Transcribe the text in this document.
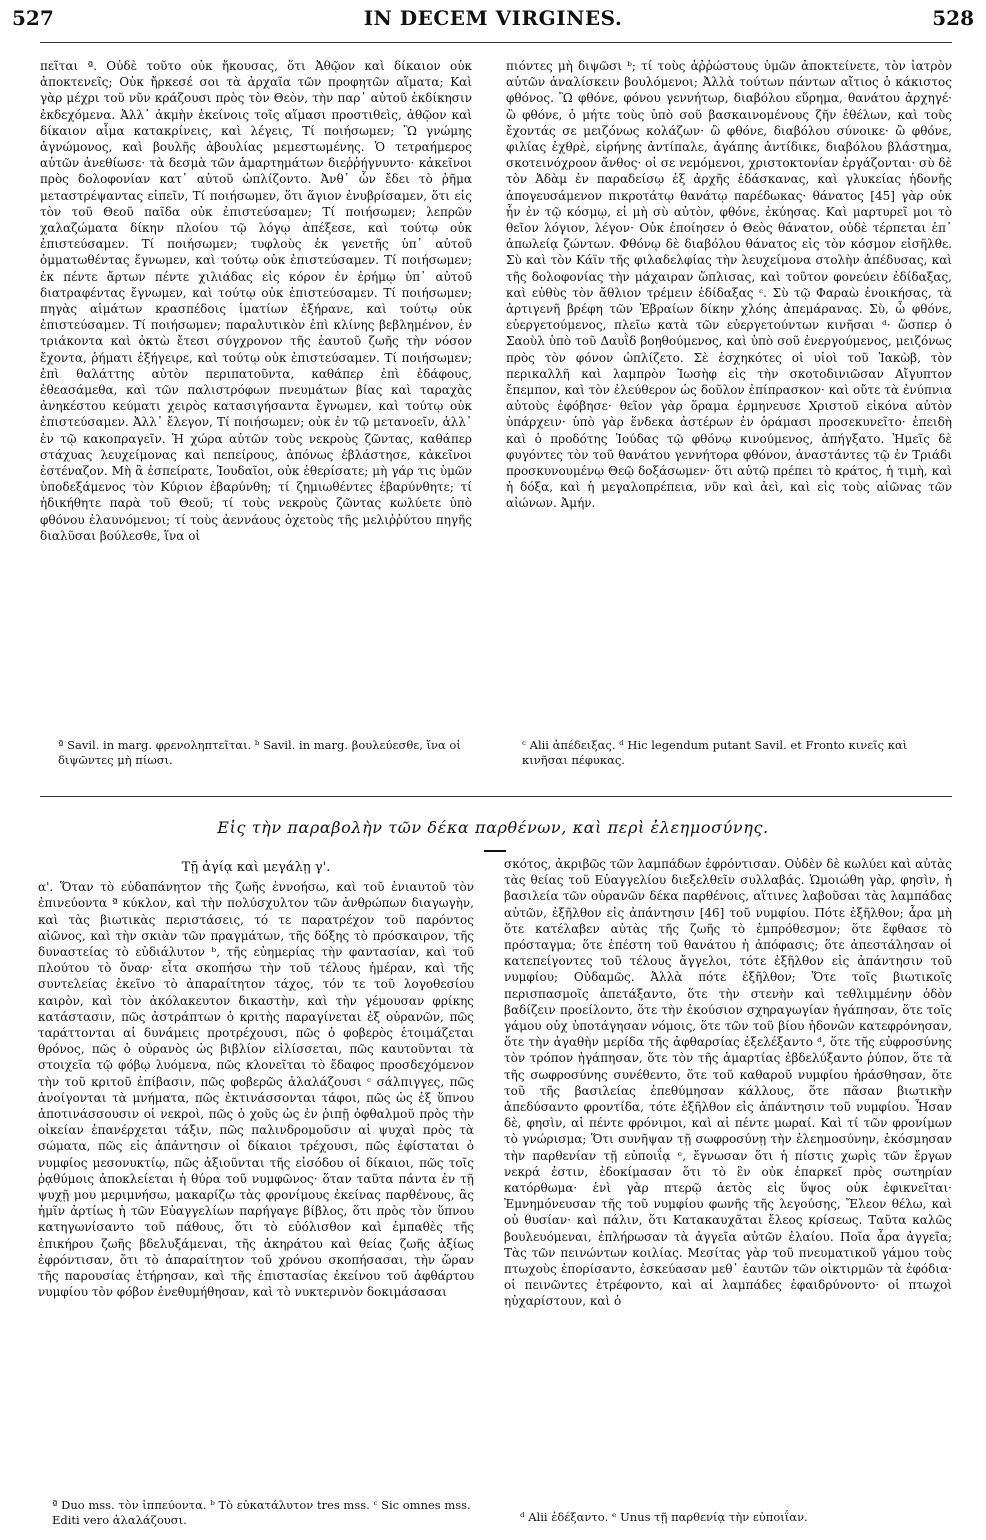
527	IN DECEM VIRGINES.	528

πεῖται ª. Οὐδὲ τοῦτο οὐκ ἤκουσας, ὅτι Ἀθῷον καὶ δίκαιον οὐκ ἀποκτενεῖς; Οὐκ ἤρκεσέ σοι τὰ ἀρχαῖα τῶν προφητῶν αἵματα; Καὶ γὰρ μέχρι τοῦ νῦν κράζουσι πρὸς τὸν Θεὸν, τὴν παρ᾽ αὐτοῦ ἐκδίκησιν ἐκδεχόμενα. Ἀλλ᾽ ἀκμὴν ἐκείνοις τοῖς αἵμασι προστιθεὶς, ἀθῷον καὶ δίκαιον αἷμα κατακρίνεις, καὶ λέγεις, Τί ποιήσωμεν; Ὢ γνώμης ἀγνώμονος, καὶ βουλῆς ἀβουλίας μεμεστωμένης. Ὁ τετραήμερος αὐτῶν ἀνεθίωσε· τὰ δεσμὰ τῶν ἁμαρτημάτων διεῤῥήγνυντο· κἀκεῖνοι πρὸς δολοφονίαν κατ᾽ αὐτοῦ ὡπλίζοντο. Ἀνθ᾽ ὧν ἔδει τὸ ῥῆμα μεταστρέψαντας εἰπεῖν, Τί ποιήσωμεν, ὅτι ἅγιον ἐνυβρίσαμεν, ὅτι εἰς τὸν τοῦ Θεοῦ παῖδα οὐκ ἐπιστεύσαμεν; Τί ποιήσωμεν; λεπρῶν χαλαζώματα δίκην πλοίου τῷ λόγῳ ἀπέξεσε, καὶ τούτῳ οὐκ ἐπιστεύσαμεν. Τί ποιήσωμεν; τυφλοὺς ἐκ γενετῆς ὑπ᾽ αὐτοῦ ὀμματωθέντας ἔγνωμεν, καὶ τούτῳ οὐκ ἐπιστεύσαμεν. Τί ποιήσωμεν; ἐκ πέντε ἄρτων πέντε χιλιάδας εἰς κόρον ἐν ἐρήμῳ ὑπ᾽ αὐτοῦ διατραφέντας ἔγνωμεν, καὶ τούτῳ οὐκ ἐπιστεύσαμεν. Τί ποιήσωμεν; πηγὰς αἱμάτων κρασπέδοις ἱματίων ἐξήρανε, καὶ τούτῳ οὐκ ἐπιστεύσαμεν. Τί ποιήσωμεν; παραλυτικὸν ἐπὶ κλίνης βεβλημένον, ἐν τριάκοντα καὶ ὀκτὼ ἔτεσι σύγχρονον τῆς ἑαυτοῦ ζωῆς τὴν νόσον ἔχοντα, ῥήματι ἐξήγειρε, καὶ τούτῳ οὐκ ἐπιστεύσαμεν. Τί ποιήσωμεν; ἐπὶ θαλάττης αὐτὸν περιπατοῦντα, καθάπερ ἐπὶ ἐδάφους, ἐθεασάμεθα, καὶ τῶν παλιστρόφων πνευμάτων βίας καὶ ταραχὰς ἀνηκέστου κεύματι χειρὸς κατασιγήσαντα ἔγνωμεν, καὶ τούτῳ οὐκ ἐπιστεύσαμεν. Ἀλλ᾽ ἔλεγον, Τί ποιήσωμεν; οὐκ ἐν τῷ μετανοεῖν, ἀλλ᾽ ἐν τῷ κακοπραγεῖν. Ἡ χώρα αὐτῶν τοὺς νεκροὺς ζῶντας, καθάπερ στάχυας λευχείμονας καὶ πεπείρους, ἀπόνως ἐβλάστησε, κἀκεῖνοι ἐστέναζον. Μὴ ἃ ἐσπείρατε, Ἰουδαῖοι, οὐκ ἐθερίσατε; μὴ γάρ τις ὑμῶν ὑποδεξάμενος τὸν Κύριον ἐβαρύνθη; τί ζημιωθέντες ἐβαρύνθητε; τί ἠδικήθητε παρὰ τοῦ Θεοῦ; τί τοὺς νεκροὺς ζῶντας κωλύετε ὑπὸ φθόνου ἐλαυνόμενοι; τί τοὺς ἀεννάους ὀχετοὺς τῆς μελιῤῥύτου πηγῆς διαλῦσαι βούλεσθε, ἵνα οἱ

πιόντες μὴ διψῶσι ᵇ; τί τοὺς ἀῤῥώστους ὑμῶν ἀποκτείνετε, τὸν ἰατρὸν αὐτῶν ἀναλίσκειν βουλόμενοι; Ἀλλὰ τούτων πάντων αἴτιος ὁ κάκιστος φθόνος. Ὢ φθόνε, φόνου γεννήτωρ, διαβόλου εὕρημα, θανάτου ἀρχηγέ· ὢ φθόνε, ὁ μήτε τοὺς ὑπὸ σοῦ βασκαινομένους ζῆν ἐθέλων, καὶ τοὺς ἔχοντάς σε μειζόνως κολάζων· ὢ φθόνε, διαβόλου σύνοικε· ὢ φθόνε, φιλίας ἐχθρὲ, εἰρήνης ἀντίπαλε, ἀγάπης ἀντίδικε, διαβόλου βλάστημα, σκοτεινόχροον ἄνθος· οἱ σε νεμόμενοι, χριστοκτονίαν ἐργάζονται· σὺ δὲ τὸν Ἀδὰμ ἐν παραδείσῳ ἐξ ἀρχῆς ἐδάσκανας, καὶ γλυκείας ἡδονῆς ἀπογευσάμενον πικροτάτῳ θανάτῳ παρέδωκας· θάνατος [45] γὰρ οὐκ ἦν ἐν τῷ κόσμῳ, εἰ μὴ σὺ αὐτὸν, φθόνε, ἐκύησας. Καὶ μαρτυρεῖ μοι τὸ θεῖον λόγιον, λέγον· Οὐκ ἐποίησεν ὁ Θεὸς θάνατον, οὐδὲ τέρπεται ἐπ᾽ ἀπωλείᾳ ζώντων. Φθόνῳ δὲ διαβόλου θάνατος εἰς τὸν κόσμον εἰσῆλθε. Σὺ καὶ τὸν Κάϊν τῆς φιλαδελφίας τὴν λευχείμονα στολὴν ἀπέδυσας, καὶ τῆς δολοφονίας τὴν μάχαιραν ὥπλισας, καὶ τοῦτον φονεύειν ἐδίδαξας, καὶ εὐθὺς τὸν ἄθλιον τρέμειν ἐδίδαξας ᶜ. Σὺ τῷ Φαραὼ ἐνοικήσας, τὰ ἀρτιγενῆ βρέφη τῶν Ἑβραίων δίκην χλόης ἀπεμάρανας. Σὺ, ὦ φθόνε, εὐεργετούμενος, πλεῖω κατὰ τῶν εὐεργετούντων κινῆσαι ᵈ· ὥσπερ ὁ Σαοὺλ ὑπὸ τοῦ Δαυῒδ βοηθούμενος, καὶ ὑπὸ σοῦ ἐνεργούμενος, μειζόνως πρὸς τὸν φόνον ὡπλίζετο. Σὲ ἐσχηκότες οἱ υἱοὶ τοῦ Ἰακὼβ, τὸν περικαλλῆ καὶ λαμπρὸν Ἰωσὴφ εἰς τὴν σκοτοδινιῶσαν Αἴγυπτον ἔπεμπον, καὶ τὸν ἐλεύθερον ὡς δοῦλον ἐπίπρασκον· καὶ οὔτε τὰ ἐνύπνια αὐτοὺς ἐφόβησε· θεῖον γὰρ ὅραμα ἑρμηνευσε Χριστοῦ εἰκόνα αὐτὸν ὑπάρχειν· ὑπὸ γὰρ ἕνδεκα ἀστέρων ἐν ὁράμασι προσεκυνεῖτο· ἐπειδὴ καὶ ὁ προδότης Ἰούδας τῷ φθόνῳ κινούμενος, ἀπήγξατο. Ἡμεῖς δὲ φυγόντες τὸν τοῦ θανάτου γεννήτορα φθόνον, ἀναστάντες τῷ ἐν Τριάδι προσκυνουμένῳ Θεῷ δοξάσωμεν· ὅτι αὐτῷ πρέπει τὸ κράτος, ἡ τιμὴ, καὶ ἡ δόξα, καὶ ἡ μεγαλοπρέπεια, νῦν καὶ ἀεὶ, καὶ εἰς τοὺς αἰῶνας τῶν αἰώνων. Ἀμήν.

ª Savil. in marg. φρενοληπτεῖται. ᵇ Savil. in marg. βουλεύεσθε, ἵνα οἱ διψῶντες μὴ πίωσι.
ᶜ Alii ἀπέδειξας. ᵈ Hic legendum putant Savil. et Fronto κινεῖς καὶ κινῆσαι πέφυκας.
Εἰς τὴν παραβολὴν τῶν δέκα παρθένων, καὶ περὶ ἐλεημοσύνης.
Τῇ ἁγίᾳ καὶ μεγάλῃ γ'.

α'. Ὅταν τὸ εὐδαπάνητον τῆς ζωῆς ἐννοήσω, καὶ τοῦ ἐνιαυτοῦ τὸν ἐπινεύοντα ª κύκλον, καὶ τὴν πολύσχυλτον τῶν ἀνθρώπων διαγωγὴν, καὶ τὰς βιωτικὰς περιστάσεις, τό τε παρατρέχον τοῦ παρόντος αἰῶνος, καὶ τὴν σκιὰν τῶν πραγμάτων, τῆς δόξης τὸ πρόσκαιρον, τῆς δυναστείας τὸ εὐδιάλυτον ᵇ, τῆς εὐημερίας τὴν φαντασίαν, καὶ τοῦ πλούτου τὸ ὄναρ· εἶτα σκοπήσω τὴν τοῦ τέλους ἡμέραν, καὶ τῆς συντελείας ἐκεῖνο τὸ ἀπαραίτητον τάχος, τόν τε τοῦ λογοθεσίου καιρὸν, καὶ τὸν ἀκόλακευτον δικαστὴν, καὶ τὴν γέμουσαν φρίκης κατάστασιν, πῶς ἀστράπτων ὁ κριτὴς παραγίνεται ἐξ οὐρανῶν, πῶς ταράττονται αἱ δυνάμεις προτρέχουσι, πῶς ὁ φοβερὸς ἑτοιμάζεται θρόνος, πῶς ὁ οὐρανὸς ὡς βιβλίον εἱλίσσεται, πῶς καυτοῦνται τὰ στοιχεῖα τῷ φόβῳ λυόμενα, πῶς κλονεῖται τὸ ἔδαφος προσδεχόμενον τὴν τοῦ κριτοῦ ἐπίβασιν, πῶς φοβερῶς ἀλαλάζουσι ᶜ σάλπιγγες, πῶς ἀνοίγονται τὰ μνήματα, πῶς ἐκτινάσσονται τάφοι, πῶς ὡς ἐξ ὕπνου ἀποτινάσσουσιν οἱ νεκροὶ, πῶς ὁ χοῦς ὡς ἐν ῥιπῇ ὀφθαλμοῦ πρὸς τὴν οἰκείαν ἐπανέρχεται τάξιν, πῶς παλινδρομοῦσιν αἱ ψυχαὶ πρὸς τὰ σώματα, πῶς εἰς ἀπάντησιν οἱ δίκαιοι τρέχουσι, πῶς ἐφίσταται ὁ νυμφίος μεσονυκτίῳ, πῶς ἀξιοῦνται τῆς εἰσόδου οἱ δίκαιοι, πῶς τοῖς ῥᾳθύμοις ἀποκλείεται ἡ θύρα τοῦ νυμφῶνος· ὅταν ταῦτα πάντα ἐν τῇ ψυχῇ μου μεριμνήσω, μακαρίζω τὰς φρονίμους ἐκείνας παρθένους, ἃς ἡμῖν ἀρτίως ἡ τῶν Εὐαγγελίων παρήγαγε βίβλος, ὅτι πρὸς τὸν ὕπνου κατηγωνίσαντο τοῦ πάθους, ὅτι τὸ εὐόλισθον καὶ ἐμπαθὲς τῆς ἐπικήρου ζωῆς βδελυξάμεναι, τῆς ἀκηράτου καὶ θείας ζωῆς ἀξίως ἐφρόντισαν, ὅτι τὸ ἀπαραίτητον τοῦ χρόνου σκοπήσασαι, τὴν ὥραν τῆς παρουσίας ἐτήρησαν, καὶ τῆς ἐπιστασίας ἐκείνου τοῦ ἀφθάρτου νυμφίου τὸν φόβον ἐνεθυμήθησαν, καὶ τὸ νυκτερινὸν δοκιμάσασαι

σκότος, ἀκριβῶς τῶν λαμπάδων ἐφρόντισαν. Οὐδὲν δὲ κωλύει καὶ αὐτὰς τὰς θείας τοῦ Εὐαγγελίου διεξελθεῖν συλλαβάς. Ὡμοιώθη γὰρ, φησὶν, ἡ βασιλεία τῶν οὐρανῶν δέκα παρθένοις, αἵτινες λαβοῦσαι τὰς λαμπάδας αὐτῶν, ἐξῆλθον εἰς ἀπάντησιν [46] τοῦ νυμφίου. Πότε ἐξῆλθον; ἆρα μὴ ὅτε κατέλαβεν αὐτὰς τῆς ζωῆς τὸ ἐμπρόθεσμον; ὅτε ἔφθασε τὸ πρόσταγμα; ὅτε ἐπέστη τοῦ θανάτου ἡ ἀπόφασις; ὅτε ἀπεστάλησαν οἱ κατεπείγοντες τοῦ τέλους ἄγγελοι, τότε ἐξῆλθον εἰς ἀπάντησιν τοῦ νυμφίου; Οὐδαμῶς. Ἀλλὰ πότε ἐξῆλθον; Ὅτε τοῖς βιωτικοῖς περισπασμοῖς ἀπετάξαντο, ὅτε τὴν στενὴν καὶ τεθλιμμένην ὁδὸν βαδίζειν προείλοντο, ὅτε τὴν ἐκούσιον σχηραγωγίαν ἠγάπησαν, ὅτε τοῖς γάμου οὐχ ὑποτάγησαν νόμοις, ὅτε τῶν τοῦ βίου ἡδονῶν κατεφρόνησαν, ὅτε τὴν ἀγαθὴν μερίδα τῆς ἀφθαρσίας ἐξελέξαντο ᵈ, ὅτε τῆς εὐφροσύνης τὸν τρόπον ἠγάπησαν, ὅτε τὸν τῆς ἁμαρτίας ἐβδελύξαντο ῥύπον, ὅτε τὰ τῆς σωφροσύνης συνέθεντο, ὅτε τοῦ καθαροῦ νυμφίου ἠράσθησαν, ὅτε τοῦ τῆς βασιλείας ἐπεθύμησαν κάλλους, ὅτε πᾶσαν βιωτικὴν ἀπεδύσαντο φροντίδα, τότε ἐξῆλθον εἰς ἀπάντησιν τοῦ νυμφίου. Ἦσαν δὲ, φησὶν, αἱ πέντε φρόνιμοι, καὶ αἱ πέντε μωραί. Καὶ τί τῶν φρονίμων τὸ γνώρισμα; Ὅτι συνῆψαν τῇ σωφροσύνῃ τὴν ἐλεημοσύνην, ἐκόσμησαν τὴν παρθενίαν τῇ εὐποιΐᾳ ᵉ, ἔγνωσαν ὅτι ἡ πίστις χωρὶς τῶν ἔργων νεκρά ἐστιν, ἐδοκίμασαν ὅτι τὸ ἓν οὐκ ἐπαρκεῖ πρὸς σωτηρίαν κατόρθωμα· ἑνὶ γὰρ πτερῷ ἀετὸς εἰς ὕψος οὐκ ἐφικνεῖται· Ἐμνημόνευσαν τῆς τοῦ νυμφίου φωνῆς τῆς λεγούσης, Ἔλεον θέλω, καὶ οὐ θυσίαν· καὶ πάλιν, ὅτι Κατακαυχᾶται ἔλεος κρίσεως. Ταῦτα καλῶς βουλευόμεναι, ἐπλήρωσαν τὰ ἀγγεῖα αὐτῶν ἐλαίου. Ποῖα ἆρα ἀγγεῖα; Τὰς τῶν πεινώντων κοιλίας. Μεσίτας γὰρ τοῦ πνευματικοῦ γάμου τοὺς πτωχοὺς ἐπορίσαντο, ἐσκεύασαν μεθ᾽ ἑαυτῶν τῶν οἰκτιρμῶν τὰ ἐφόδια· οἱ πεινῶντες ἐτρέφοντο, καὶ αἱ λαμπάδες ἐφαιδρύνοντο· οἱ πτωχοὶ ηὐχαρίστουν, καὶ ὁ

ª Duo mss. τὸν ἱππεύοντα. ᵇ Τὸ εὐκατάλυτον tres mss. ᶜ Sic omnes mss. Editi vero ἀλαλάζουσι.	ᵈ Alii ἐδέξαντο. ᵉ Unus τῇ παρθενίᾳ τὴν εὐποιΐαν.
